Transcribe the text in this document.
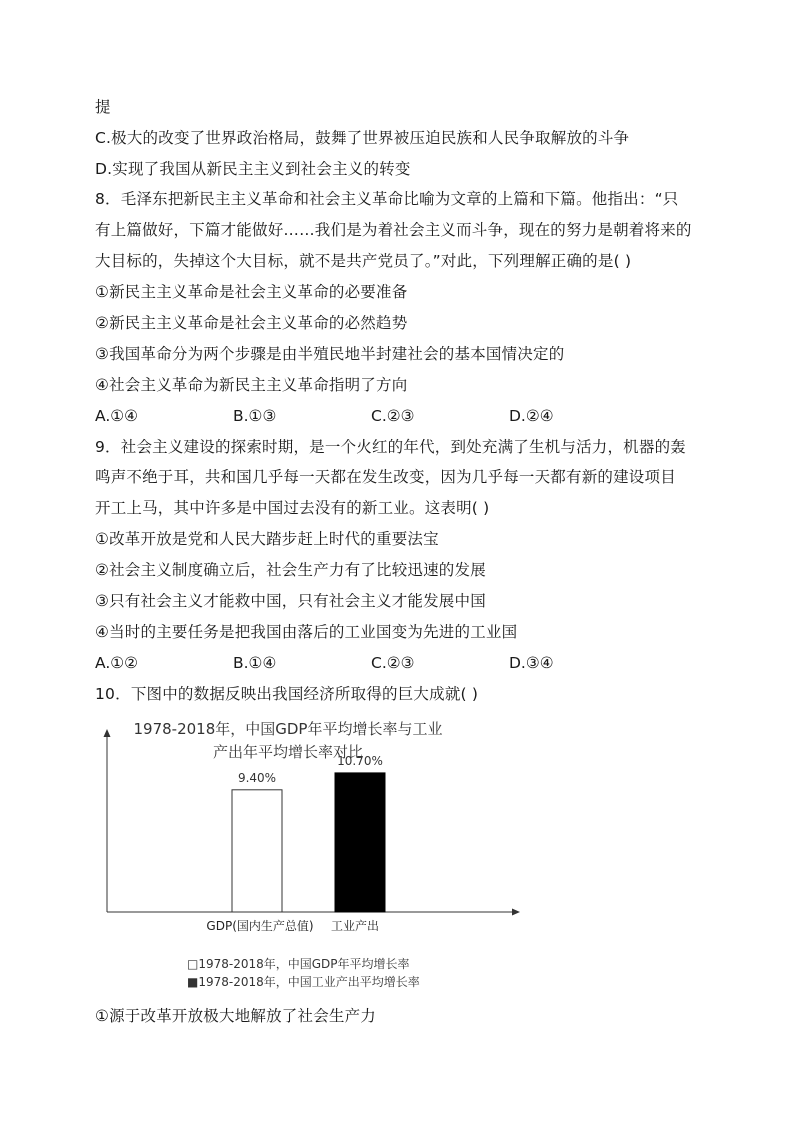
提
C.极大的改变了世界政治格局，鼓舞了世界被压迫民族和人民争取解放的斗争
D.实现了我国从新民主主义到社会主义的转变
8．毛泽东把新民主主义革命和社会主义革命比喻为文章的上篇和下篇。他指出：“只
有上篇做好，下篇才能做好……我们是为着社会主义而斗争，现在的努力是朝着将来的
大目标的，失掉这个大目标，就不是共产党员了。”对此，下列理解正确的是( )
①新民主主义革命是社会主义革命的必要准备
②新民主主义革命是社会主义革命的必然趋势
③我国革命分为两个步骤是由半殖民地半封建社会的基本国情决定的
④社会主义革命为新民主主义革命指明了方向
A.①④	B.①③	C.②③	D.②④
9．社会主义建设的探索时期，是一个火红的年代，到处充满了生机与活力，机器的轰
鸣声不绝于耳，共和国几乎每一天都在发生改变，因为几乎每一天都有新的建设项目
开工上马，其中许多是中国过去没有的新工业。这表明( )
①改革开放是党和人民大踏步赶上时代的重要法宝
②社会主义制度确立后，社会生产力有了比较迅速的发展
③只有社会主义才能救中国，只有社会主义才能发展中国
④当时的主要任务是把我国由落后的工业国变为先进的工业国
A.①②	B.①④	C.②③	D.③④
10．下图中的数据反映出我国经济所取得的巨大成就( )
1978-2018年，中国GDP年平均增长率与工业
产出年平均增长率对比
9.40%
10.70%
GDP(国内生产总值) 工业产出
□1978-2018年，中国GDP年平均增长率
■1978-2018年，中国工业产出平均增长率
①源于改革开放极大地解放了社会生产力
